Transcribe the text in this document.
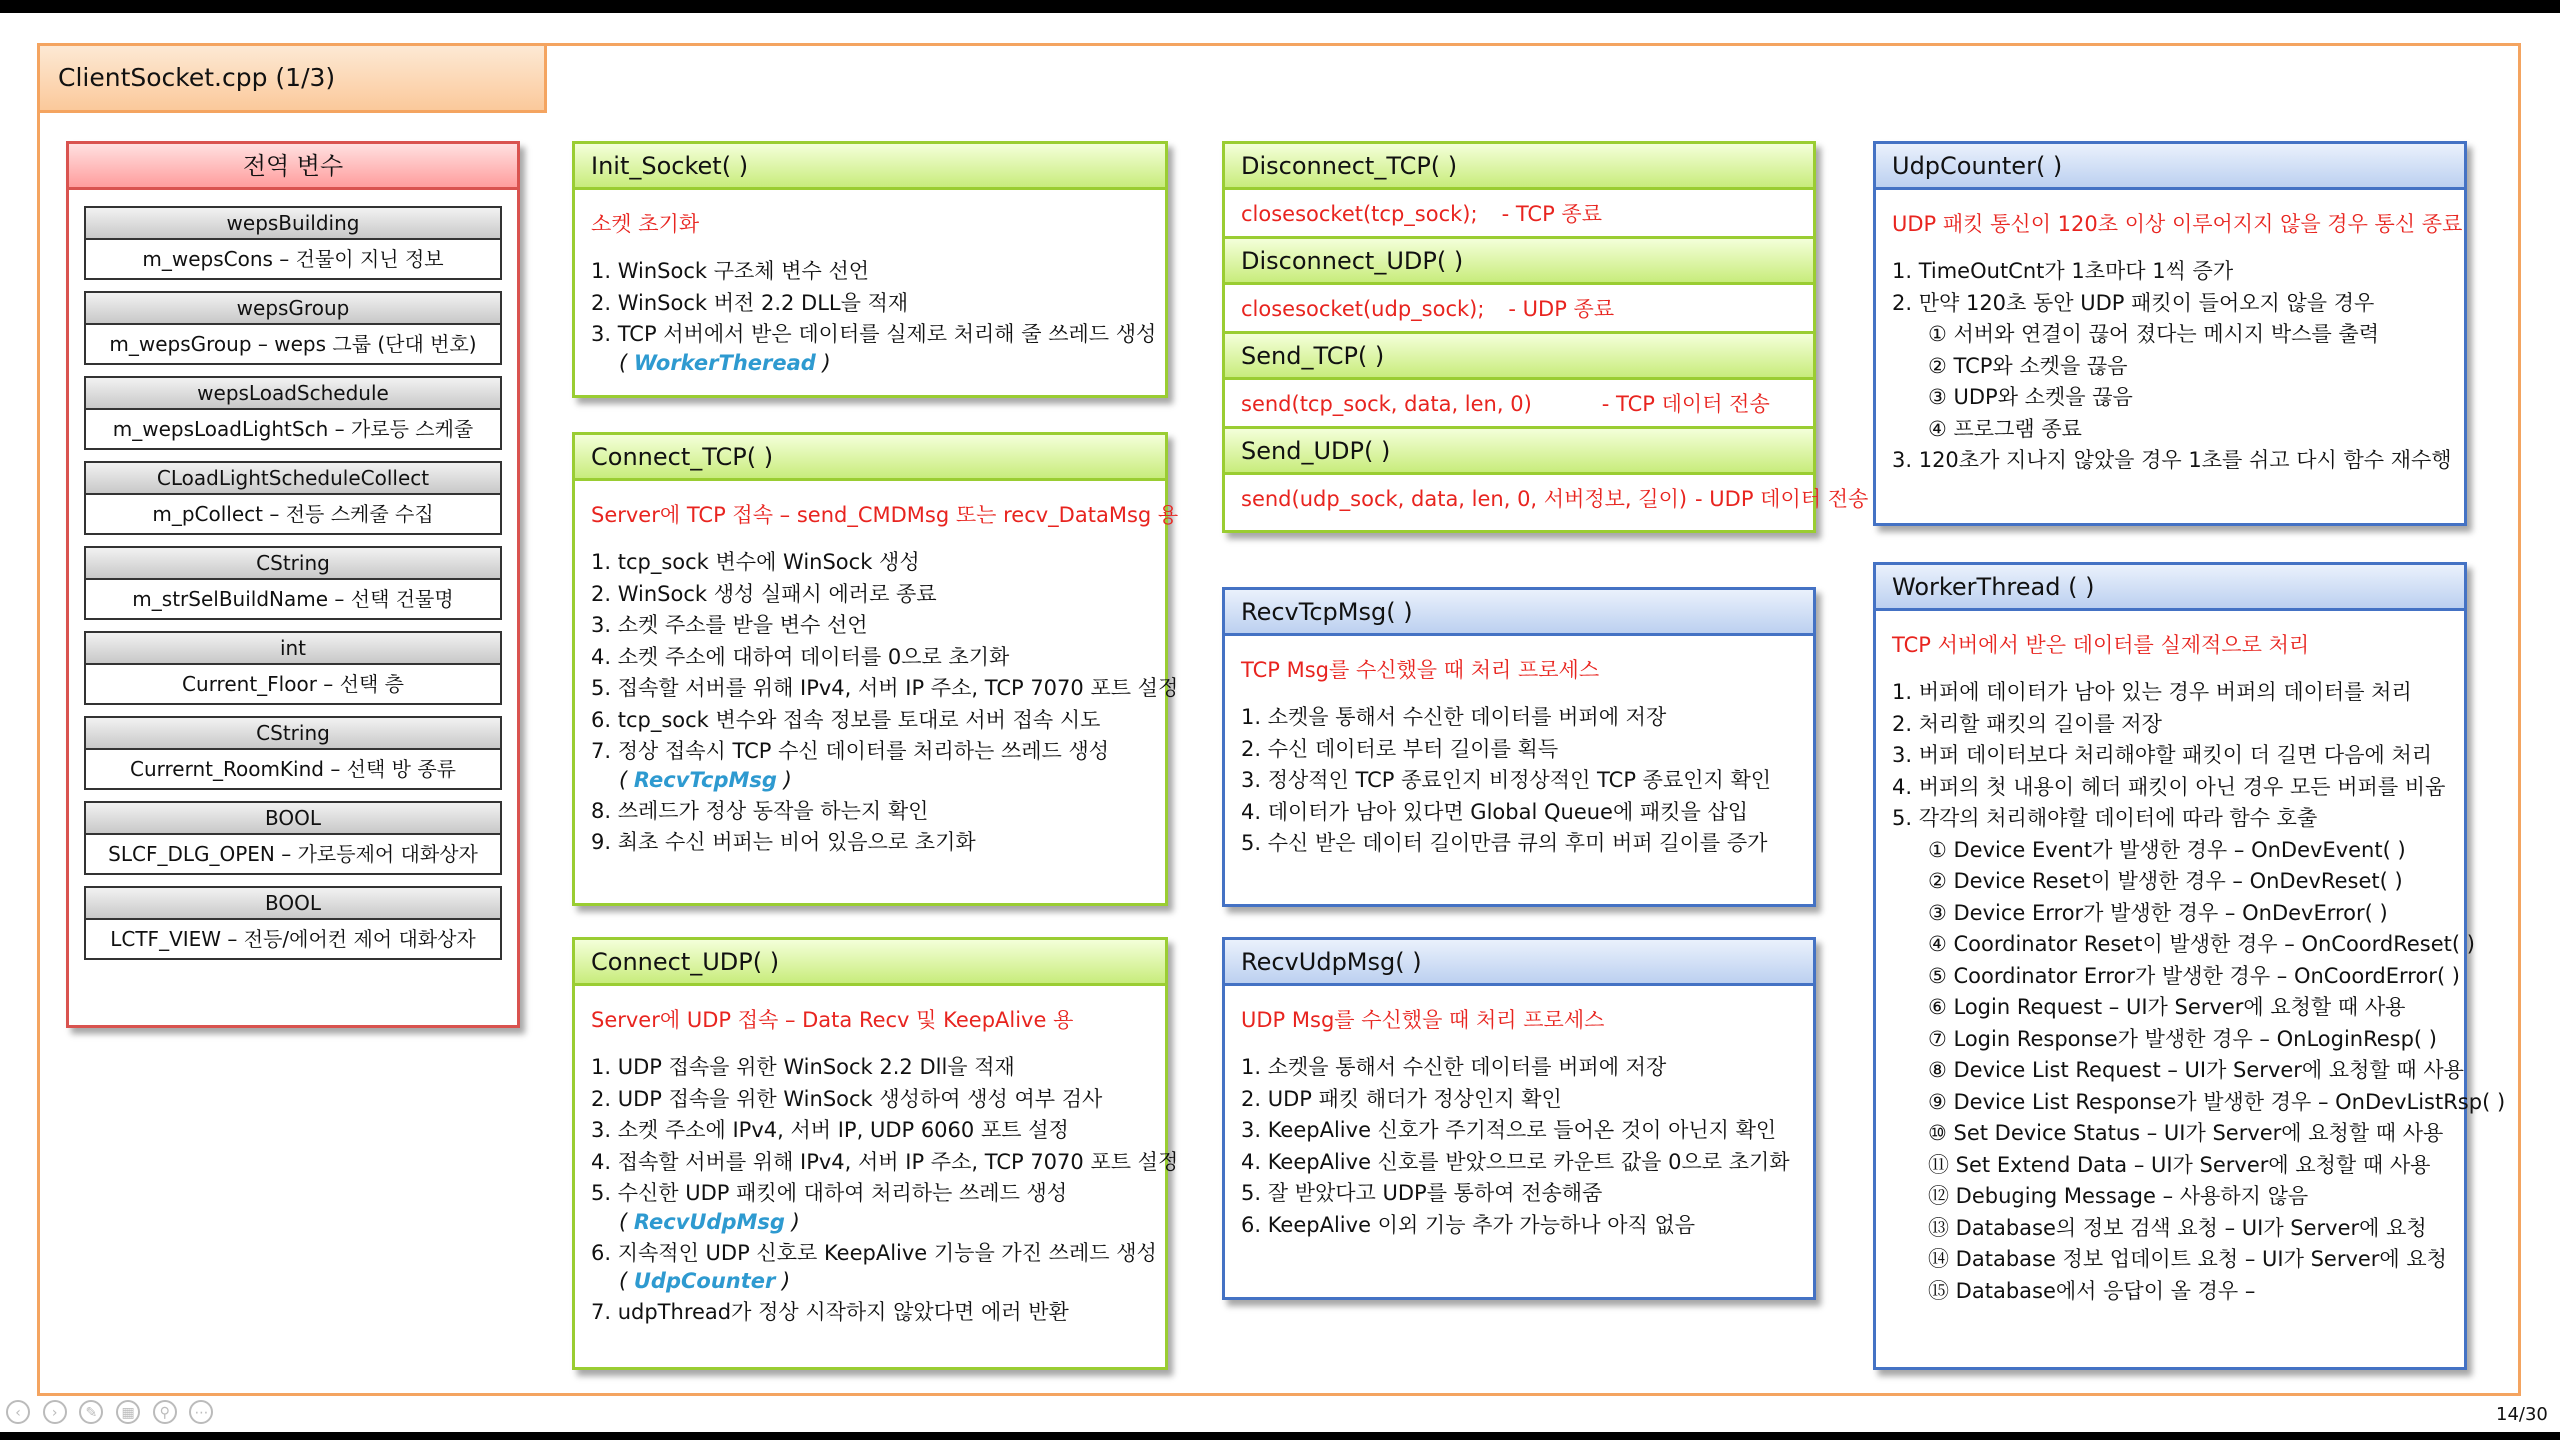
ClientSocket.cpp (1/3)
전역 변수
wepsBuilding
m_wepsCons – 건물이 지닌 정보
wepsGroup
m_wepsGroup – weps 그룹 (단대 번호)
wepsLoadSchedule
m_wepsLoadLightSch – 가로등 스케줄
CLoadLightScheduleCollect
m_pCollect – 전등 스케줄 수집
CString
m_strSelBuildName – 선택 건물명
int
Current_Floor – 선택 층
CString
Currernt_RoomKind – 선택 방 종류
BOOL
SLCF_DLG_OPEN – 가로등제어 대화상자
BOOL
LCTF_VIEW – 전등/에어컨 제어 대화상자
Init_Socket( )
소켓 초기화
1. WinSock 구조체 변수 선언
2. WinSock 버전 2.2 DLL을 적재
3. TCP 서버에서 받은 데이터를 실제로 처리해 줄 쓰레드 생성
( WorkerTheread )
Connect_TCP( )
Server에 TCP 접속 – send_CMDMsg 또는 recv_DataMsg 용
1. tcp_sock 변수에 WinSock 생성
2. WinSock 생성 실패시 에러로 종료
3. 소켓 주소를 받을 변수 선언
4. 소켓 주소에 대하여 데이터를 0으로 초기화
5. 접속할 서버를 위해 IPv4, 서버 IP 주소, TCP 7070 포트 설정
6. tcp_sock 변수와 접속 정보를 토대로 서버 접속 시도
7. 정상 접속시 TCP 수신 데이터를 처리하는 쓰레드 생성
( RecvTcpMsg )
8. 쓰레드가 정상 동작을 하는지 확인
9. 최초 수신 버퍼는 비어 있음으로 초기화
Connect_UDP( )
Server에 UDP 접속 – Data Recv 및 KeepAlive 용
1. UDP 접속을 위한 WinSock 2.2 Dll을 적재
2. UDP 접속을 위한 WinSock 생성하여 생성 여부 검사
3. 소켓 주소에 IPv4, 서버 IP, UDP 6060 포트 설정
4. 접속할 서버를 위해 IPv4, 서버 IP 주소, TCP 7070 포트 설정
5. 수신한 UDP 패킷에 대하여 처리하는 쓰레드 생성
( RecvUdpMsg )
6. 지속적인 UDP 신호로 KeepAlive 기능을 가진 쓰레드 생성
( UdpCounter )
7. udpThread가 정상 시작하지 않았다면 에러 반환
Disconnect_TCP( )
closesocket(tcp_sock); - TCP 종료
Disconnect_UDP( )
closesocket(udp_sock); - UDP 종료
Send_TCP( )
send(tcp_sock, data, len, 0)	- TCP 데이터 전송
Send_UDP( )
send(udp_sock, data, len, 0, 서버정보, 길이) - UDP 데이터 전송
RecvTcpMsg( )
TCP Msg를 수신했을 때 처리 프로세스
1. 소켓을 통해서 수신한 데이터를 버퍼에 저장
2. 수신 데이터로 부터 길이를 획득
3. 정상적인 TCP 종료인지 비정상적인 TCP 종료인지 확인
4. 데이터가 남아 있다면 Global Queue에 패킷을 삽입
5. 수신 받은 데이터 길이만큼 큐의 후미 버퍼 길이를 증가
RecvUdpMsg( )
UDP Msg를 수신했을 때 처리 프로세스
1. 소켓을 통해서 수신한 데이터를 버퍼에 저장
2. UDP 패킷 해더가 정상인지 확인
3. KeepAlive 신호가 주기적으로 들어온 것이 아닌지 확인
4. KeepAlive 신호를 받았으므로 카운트 값을 0으로 초기화
5. 잘 받았다고 UDP를 통하여 전송해줌
6. KeepAlive 이외 기능 추가 가능하나 아직 없음
UdpCounter( )
UDP 패킷 통신이 120초 이상 이루어지지 않을 경우 통신 종료
1. TimeOutCnt가 1초마다 1씩 증가
2. 만약 120초 동안 UDP 패킷이 들어오지 않을 경우
① 서버와 연결이 끊어 졌다는 메시지 박스를 출력
② TCP와 소켓을 끊음
③ UDP와 소켓을 끊음
④ 프로그램 종료
3. 120초가 지나지 않았을 경우 1초를 쉬고 다시 함수 재수행
WorkerThread ( )
TCP 서버에서 받은 데이터를 실제적으로 처리
1. 버퍼에 데이터가 남아 있는 경우 버퍼의 데이터를 처리
2. 처리할 패킷의 길이를 저장
3. 버퍼 데이터보다 처리해야할 패킷이 더 길면 다음에 처리
4. 버퍼의 첫 내용이 헤더 패킷이 아닌 경우 모든 버퍼를 비움
5. 각각의 처리해야할 데이터에 따라 함수 호출
① Device Event가 발생한 경우 – OnDevEvent( )
② Device Reset이 발생한 경우 – OnDevReset( )
③ Device Error가 발생한 경우 – OnDevError( )
④ Coordinator Reset이 발생한 경우 – OnCoordReset( )
⑤ Coordinator Error가 발생한 경우 – OnCoordError( )
⑥ Login Request – UI가 Server에 요청할 때 사용
⑦ Login Response가 발생한 경우 – OnLoginResp( )
⑧ Device List Request – UI가 Server에 요청할 때 사용
⑨ Device List Response가 발생한 경우 – OnDevListRsp( )
⑩ Set Device Status – UI가 Server에 요청할 때 사용
⑪ Set Extend Data – UI가 Server에 요청할 때 사용
⑫ Debuging Message – 사용하지 않음
⑬ Database의 정보 검색 요청 – UI가 Server에 요청
⑭ Database 정보 업데이트 요청 – UI가 Server에 요청
⑮ Database에서 응답이 올 경우 –
‹ › ✎ ▦ ⚲ ⋯	14/30
